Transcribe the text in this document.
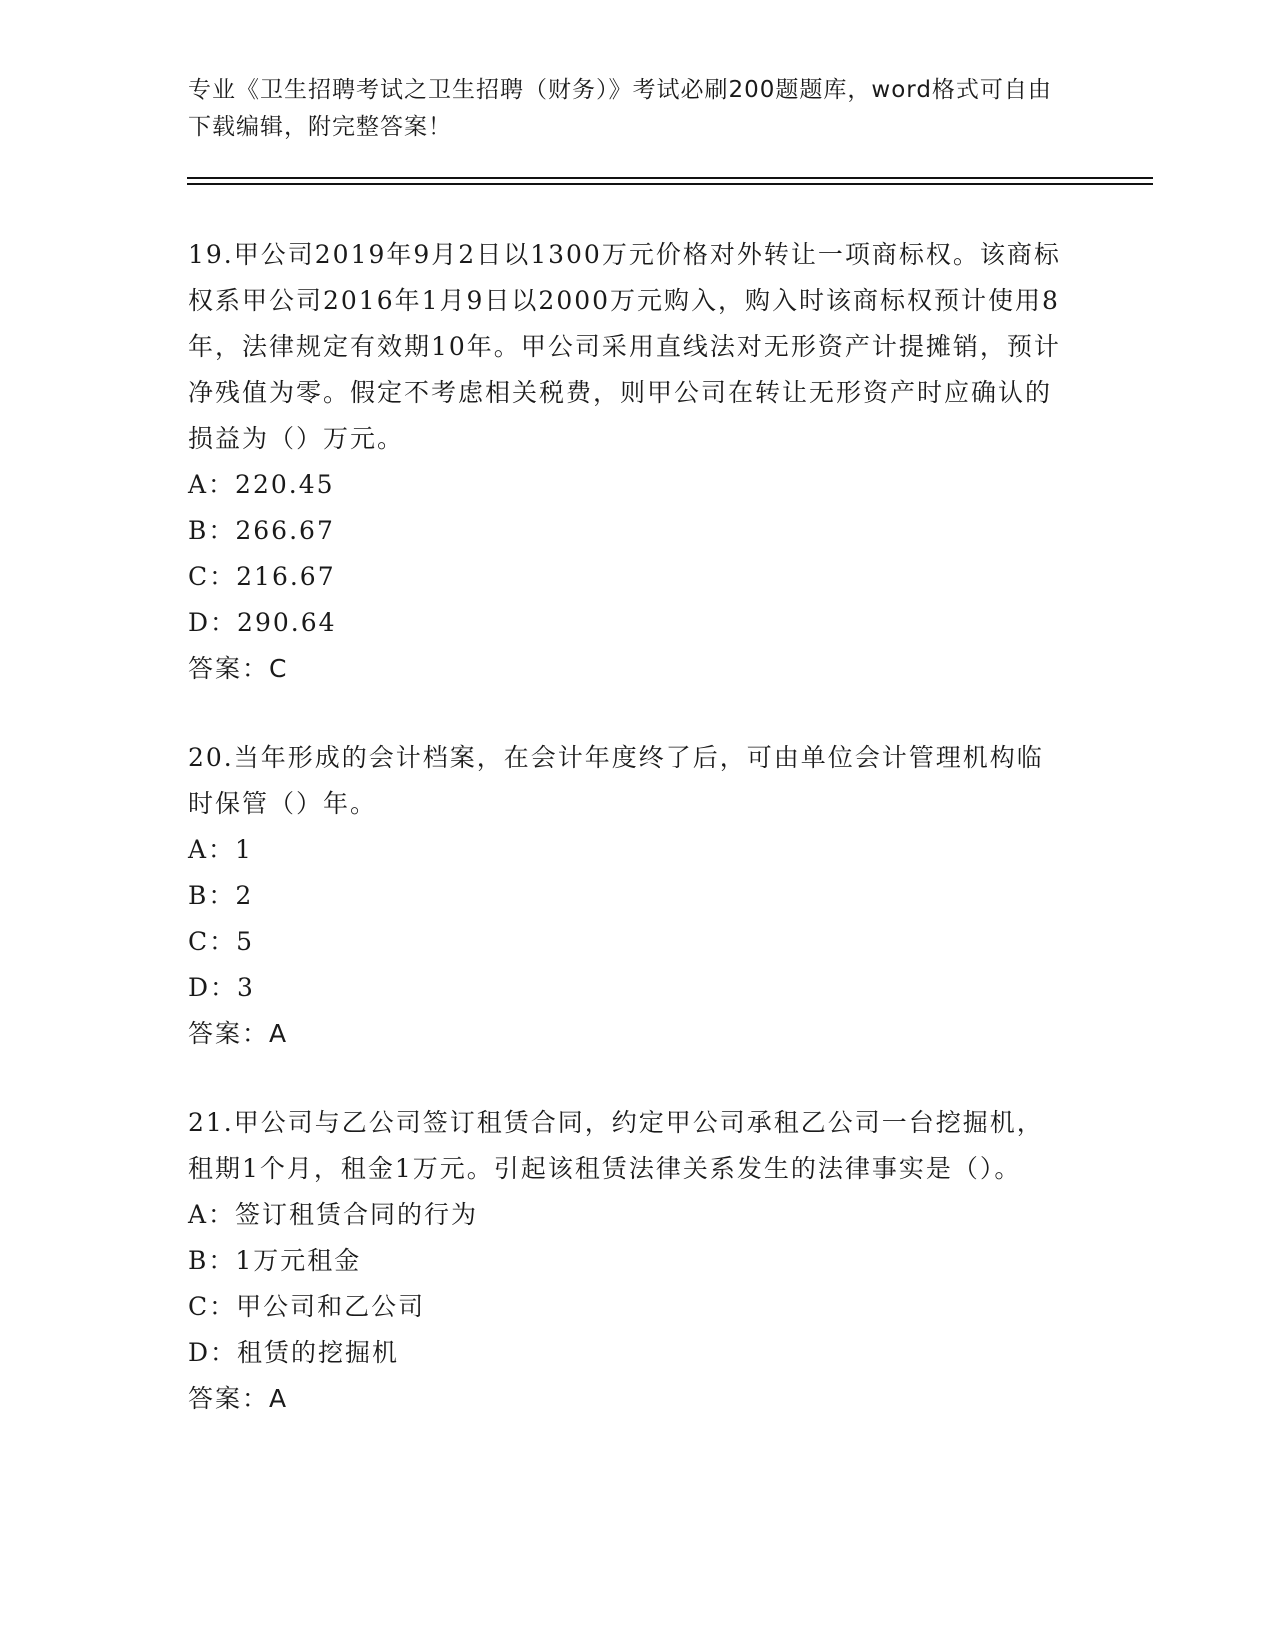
专业《卫生招聘考试之卫生招聘（财务）》考试必刷200题题库，word格式可自由下载编辑，附完整答案！
19.甲公司2019年9月2日以1300万元价格对外转让一项商标权。该商标权系甲公司2016年1月9日以2000万元购入，购入时该商标权预计使用8年，法律规定有效期10年。甲公司采用直线法对无形资产计提摊销，预计净残值为零。假定不考虑相关税费，则甲公司在转让无形资产时应确认的损益为（）万元。
A：220.45
B：266.67
C：216.67
D：290.64
答案：C
20.当年形成的会计档案，在会计年度终了后，可由单位会计管理机构临时保管（）年。
A：1
B：2
C：5
D：3
答案：A
21.甲公司与乙公司签订租赁合同，约定甲公司承租乙公司一台挖掘机，租期1个月，租金1万元。引起该租赁法律关系发生的法律事实是（）。
A：签订租赁合同的行为
B：1万元租金
C：甲公司和乙公司
D：租赁的挖掘机
答案：A
